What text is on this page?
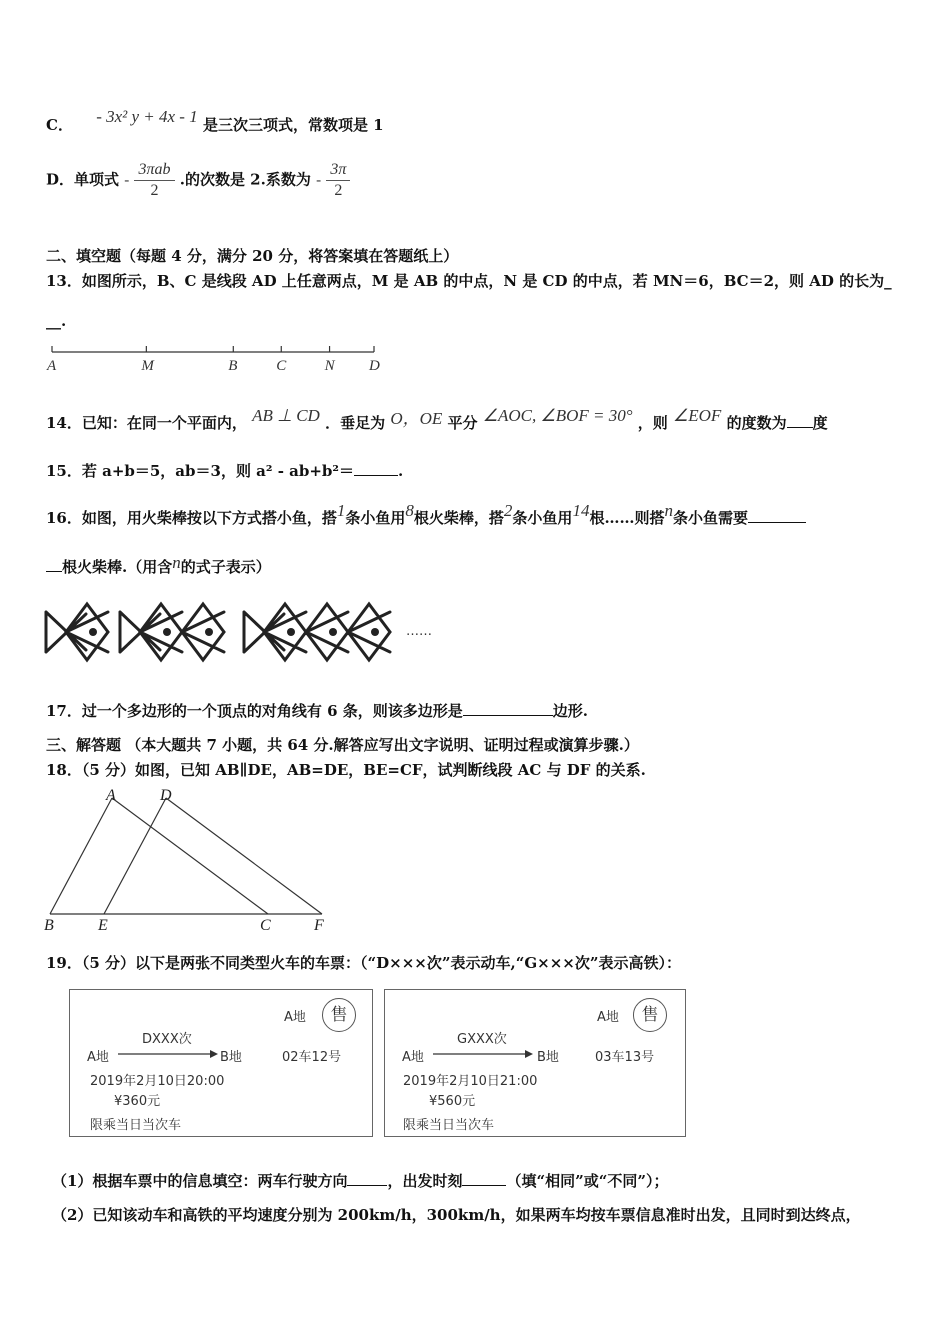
C． - 3x² y + 4x - 1 是三次三项式，常数项是 1
D．单项式 - $\frac{\text{3πab}}{2}$ .的次数是 2.系数为 - $\frac{3\pi}{2}$
二、填空题（每题 4 分，满分 20 分，将答案填在答题纸上）
13．如图所示，B、C 是线段 AD 上任意两点，M 是 AB 的中点，N 是 CD 的中点，若 MN＝6，BC＝2，则 AD 的长为_
__.
A	M	B	C	N D
14．已知：在同一个平面内， AB ⊥ CD ．垂足为 O，OE 平分 ∠AOC, ∠BOF = 30° ，则 ∠EOF 的度数为 度
15．若 a+b＝5，ab＝3，则 a² - ab+b²＝	.
16．如图，用火柴棒按以下方式搭小鱼，搭1条小鱼用8根火柴棒，搭2条小鱼用14根……则搭n条小鱼需要
根火柴棒.（用含n的式子表示）
……
17．过一个多边形的一个顶点的对角线有 6 条，则该多边形是	边形.
三、解答题 （本大题共 7 小题，共 64 分.解答应写出文字说明、证明过程或演算步骤.）
18．（5 分）如图，已知 AB∥DE，AB=DE，BE=CF，试判断线段 AC 与 DF 的关系.
A	D
B	E	C	F
19．（5 分）以下是两张不同类型火车的车票：（“D×××次”表示动车,“G×××次”表示高铁）：
A地	售
DXXX次
A地	B地	02车12号
2019年2月10日20:00
¥360元
限乘当日当次车
A地	售
GXXX次
A地	B地	03车13号
2019年2月10日21:00
¥560元
限乘当日当次车
（1）根据车票中的信息填空：两车行驶方向	，出发时刻	（填“相同”或“不同”）；
（2）已知该动车和高铁的平均速度分别为 200km/h，300km/h，如果两车均按车票信息准时出发，且同时到达终点，
